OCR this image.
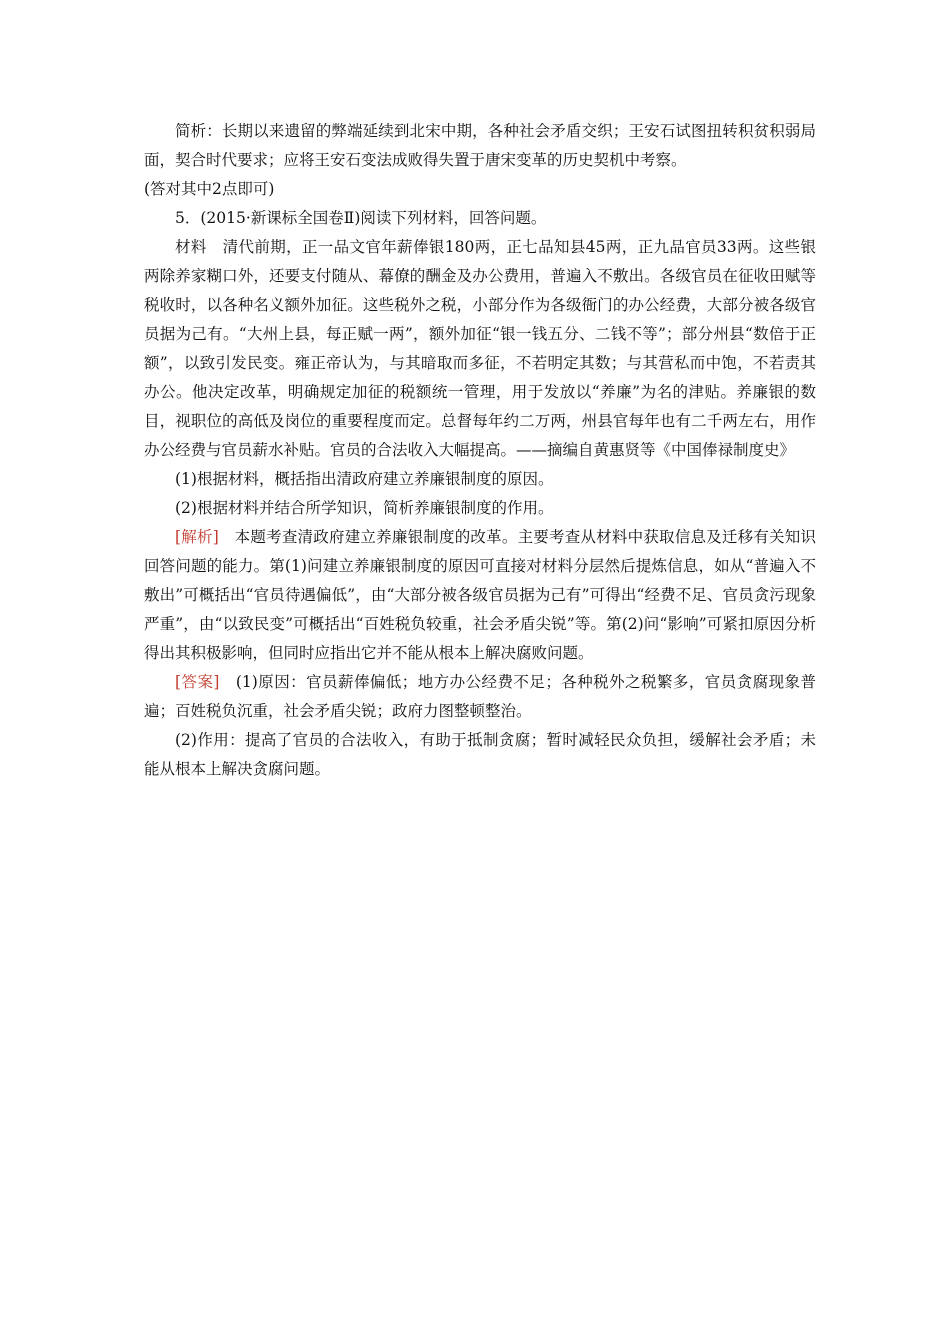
简析：长期以来遗留的弊端延续到北宋中期，各种社会矛盾交织；王安石试图扭转积贫积弱局面，契合时代要求；应将王安石变法成败得失置于唐宋变革的历史契机中考察。

(答对其中2点即可)

5．(2015·新课标全国卷Ⅱ)阅读下列材料，回答问题。

材料　清代前期，正一品文官年薪俸银180两，正七品知县45两，正九品官员33两。这些银两除养家糊口外，还要支付随从、幕僚的酬金及办公费用，普遍入不敷出。各级官员在征收田赋等税收时，以各种名义额外加征。这些税外之税，小部分作为各级衙门的办公经费，大部分被各级官员据为己有。“大州上县，每正赋一两”，额外加征“银一钱五分、二钱不等”；部分州县“数倍于正额”，以致引发民变。雍正帝认为，与其暗取而多征，不若明定其数；与其营私而中饱，不若责其办公。他决定改革，明确规定加征的税额统一管理，用于发放以“养廉”为名的津贴。养廉银的数目，视职位的高低及岗位的重要程度而定。总督每年约二万两，州县官每年也有二千两左右，用作办公经费与官员薪水补贴。官员的合法收入大幅提高。——摘编自黄惠贤等《中国俸禄制度史》

(1)根据材料，概括指出清政府建立养廉银制度的原因。

(2)根据材料并结合所学知识，简析养廉银制度的作用。

[解析]　本题考查清政府建立养廉银制度的改革。主要考查从材料中获取信息及迁移有关知识回答问题的能力。第(1)问建立养廉银制度的原因可直接对材料分层然后提炼信息，如从“普遍入不敷出”可概括出“官员待遇偏低”，由“大部分被各级官员据为己有”可得出“经费不足、官员贪污现象严重”，由“以致民变”可概括出“百姓税负较重，社会矛盾尖锐”等。第(2)问“影响”可紧扣原因分析得出其积极影响，但同时应指出它并不能从根本上解决腐败问题。

[答案]　(1)原因：官员薪俸偏低；地方办公经费不足；各种税外之税繁多，官员贪腐现象普遍；百姓税负沉重，社会矛盾尖锐；政府力图整顿整治。

(2)作用：提高了官员的合法收入，有助于抵制贪腐；暂时减轻民众负担，缓解社会矛盾；未能从根本上解决贪腐问题。
